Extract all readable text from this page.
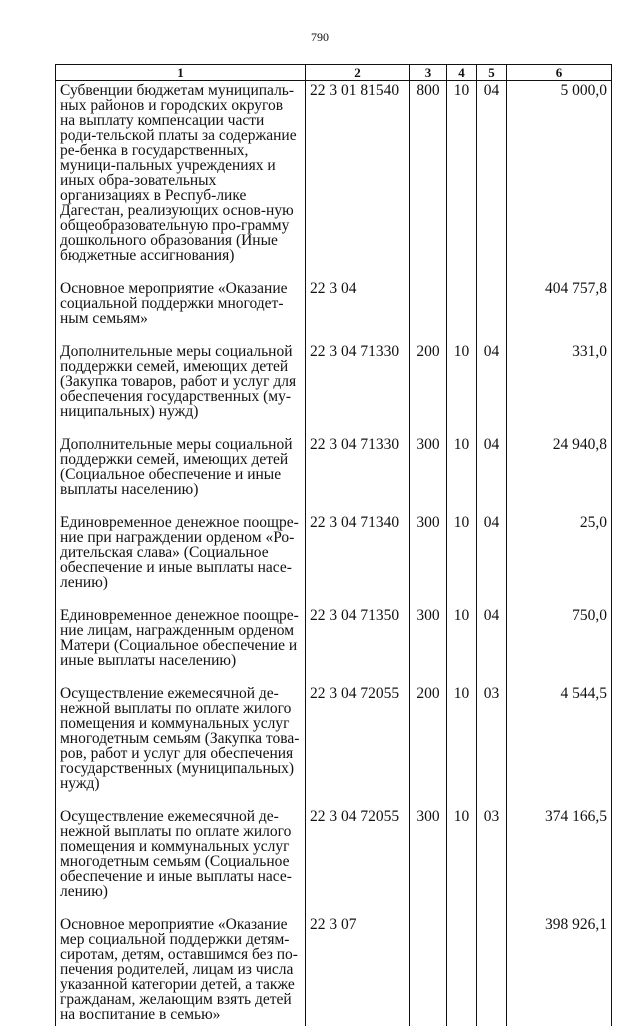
790
1	2	3	4	5	6
Субвенции бюджетам муниципаль-ных районов и городских округов на выплату компенсации части роди-тельской платы за содержание ре-бенка в государственных, муници-пальных учреждениях и иных обра-зовательных организациях в Респуб-лике Дагестан, реализующих основ-ную общеобразовательную про-грамму дошкольного образования (Иные бюджетные ассигнования)	22 3 01 81540	800	10	04	5 000,0
Основное мероприятие «Оказание социальной поддержки многодет-ным семьям»	22 3 04				404 757,8
Дополнительные меры социальной поддержки семей, имеющих детей (Закупка товаров, работ и услуг для обеспечения государственных (му-ниципальных) нужд)	22 3 04 71330	200	10	04	331,0
Дополнительные меры социальной поддержки семей, имеющих детей (Социальное обеспечение и иные выплаты населению)	22 3 04 71330	300	10	04	24 940,8
Единовременное денежное поощре-ние при награждении орденом «Ро-дительская слава» (Социальное обеспечение и иные выплаты насе-лению)	22 3 04 71340	300	10	04	25,0
Единовременное денежное поощре-ние лицам, награжденным орденом Матери (Социальное обеспечение и иные выплаты населению)	22 3 04 71350	300	10	04	750,0
Осуществление ежемесячной де-нежной выплаты по оплате жилого помещения и коммунальных услуг многодетным семьям (Закупка това-ров, работ и услуг для обеспечения государственных (муниципальных) нужд)	22 3 04 72055	200	10	03	4 544,5
Осуществление ежемесячной де-нежной выплаты по оплате жилого помещения и коммунальных услуг многодетным семьям (Социальное обеспечение и иные выплаты насе-лению)	22 3 04 72055	300	10	03	374 166,5
Основное мероприятие «Оказание мер социальной поддержки детям-сиротам, детям, оставшимся без по-печения родителей, лицам из числа указанной категории детей, а также гражданам, желающим взять детей на воспитание в семью»	22 3 07				398 926,1
